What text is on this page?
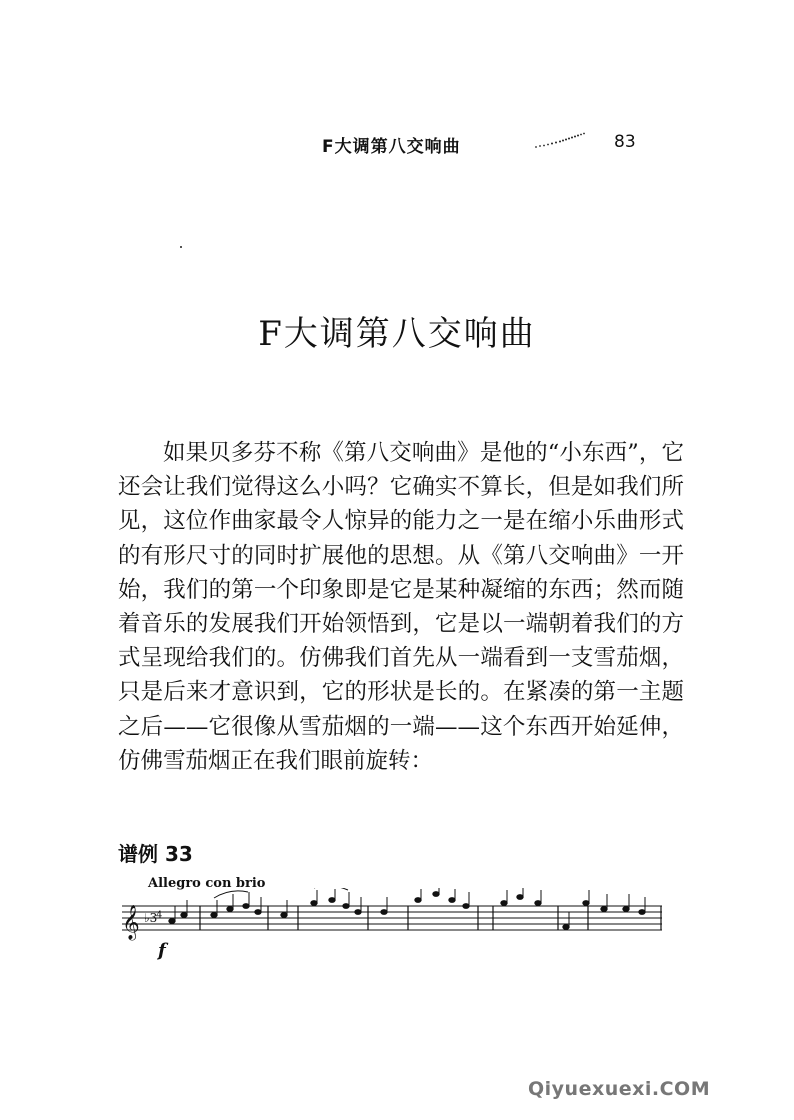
F大调第八交响曲	83
F大调第八交响曲

如果贝多芬不称《第八交响曲》是他的“小东西”，它还会让我们觉得这么小吗？它确实不算长，但是如我们所见，这位作曲家最令人惊异的能力之一是在缩小乐曲形式的有形尺寸的同时扩展他的思想。从《第八交响曲》一开始，我们的第一个印象即是它是某种凝缩的东西；然而随着音乐的发展我们开始领悟到，它是以一端朝着我们的方式呈现给我们的。仿佛我们首先从一端看到一支雪茄烟，只是后来才意识到，它的形状是长的。在紧凑的第一主题之后——它很像从雪茄烟的一端——这个东西开始延伸，仿佛雪茄烟正在我们眼前旋转：

谱例 33
Allegro con brio
𝄞 ♭3
4
f
Qiyuexuexi.COM
